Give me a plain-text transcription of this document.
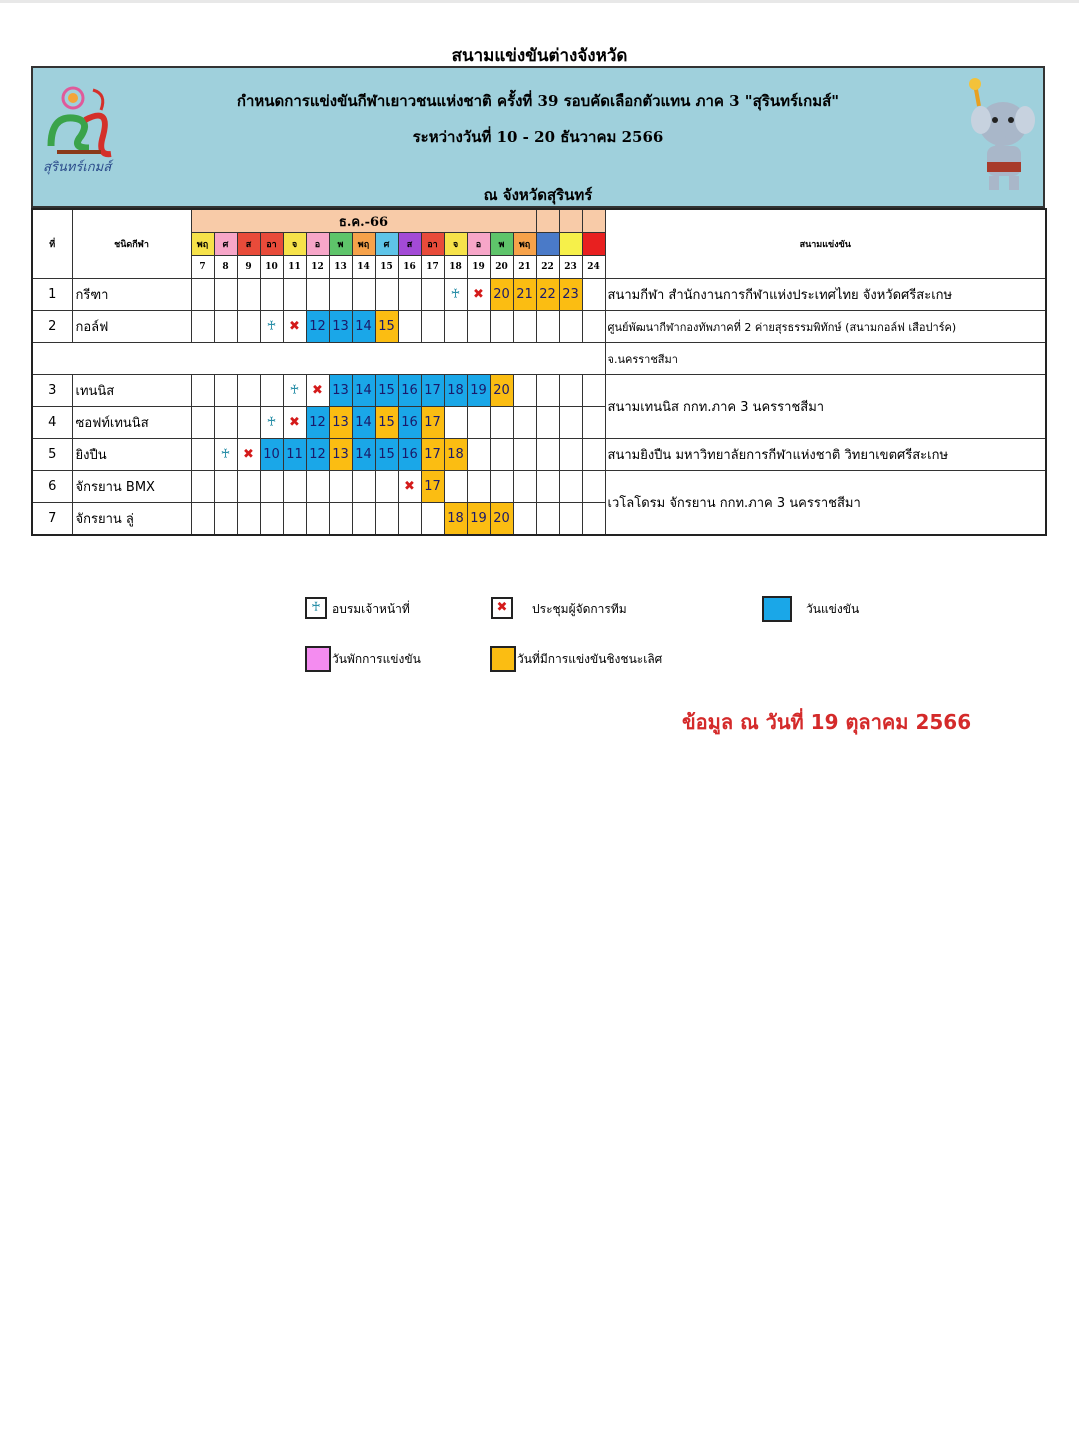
สนามแข่งขันต่างจังหวัด
สุรินทร์เกมส์
กำหนดการแข่งขันกีฬาเยาวชนแห่งชาติ ครั้งที่ 39 รอบคัดเลือกตัวแทน ภาค 3 "สุรินทร์เกมส์"
ระหว่างวันที่ 10 - 20 ธันวาคม 2566
ณ จังหวัดสุรินทร์
ที่	ชนิดกีฬา	ธ.ค.-66																		สนามแข่งขัน
		พฤ	ศ	ส	อา	จ	อ	พ	พฤ	ศ	ส	อา	จ	อ	พ	พฤ				
		7	8	9	10	11	12	13	14	15	16	17	18	19	20	21	22	23	24	
1	กรีฑา												♰	✖	20	21	22	23		สนามกีฬา สำนักงานการกีฬาแห่งประเทศไทย จังหวัดศรีสะเกษ
2	กอล์ฟ				♰	✖	12	13	14	15										ศูนย์พัฒนากีฬากองทัพภาคที่ 2 ค่ายสุรธรรมพิทักษ์ (สนามกอล์ฟ เสือปาร์ค)
																				จ.นครราชสีมา
3	เทนนิส					♰	✖	13	14	15	16	17	18	19	20					สนามเทนนิส กกท.ภาค 3 นครราชสีมา
4	ซอฟท์เทนนิส				♰	✖	12	13	14	15	16	17								
5	ยิงปืน		♰	✖	10	11	12	13	14	15	16	17	18							สนามยิงปืน มหาวิทยาลัยการกีฬาแห่งชาติ วิทยาเขตศรีสะเกษ
6	จักรยาน BMX										✖	17								เวโลโดรม จักรยาน กกท.ภาค 3 นครราชสีมา
7	จักรยาน ลู่												18	19	20					
♰ อบรมเจ้าหน้าที่	✖	ประชุมผู้จัดการทีม	วันแข่งขัน
วันพักการแข่งขัน	วันที่มีการแข่งขันชิงชนะเลิศ
ข้อมูล ณ วันที่ 19 ตุลาคม 2566
